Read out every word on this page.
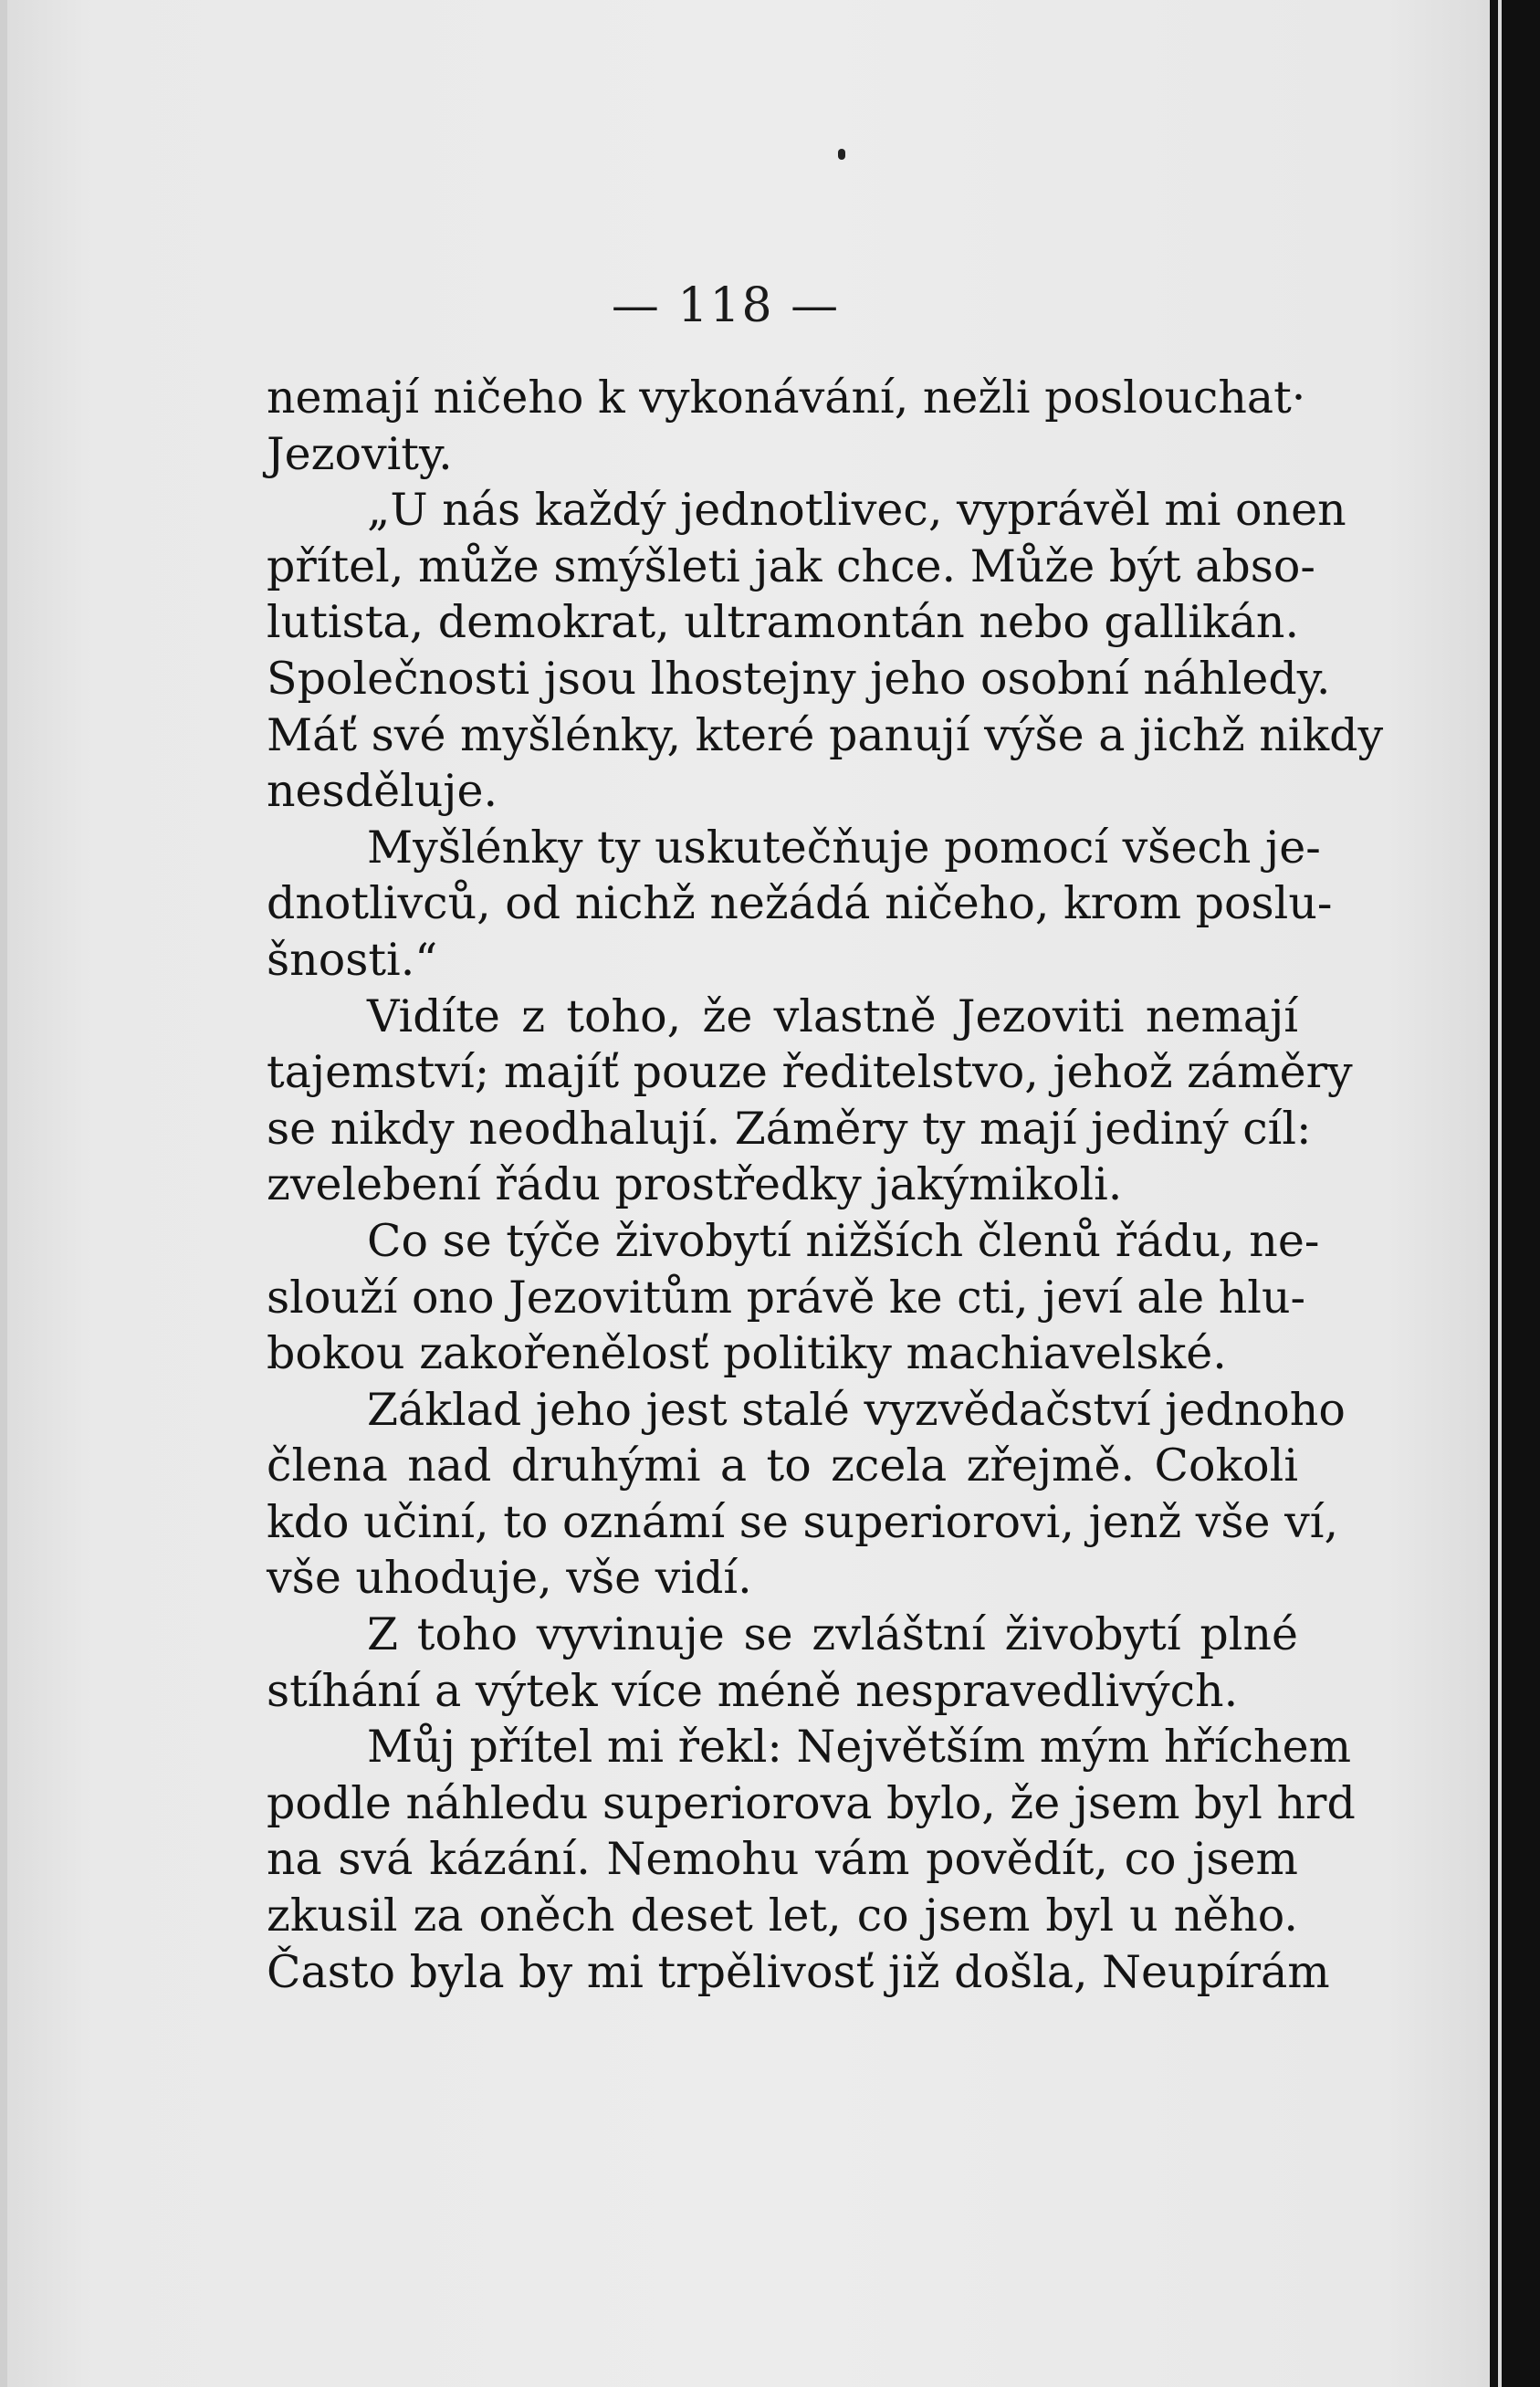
— 118 —
nemají ničeho k vykonávání, nežli poslouchat·
Jezovity.
„U nás každý jednotlivec, vyprávěl mi onen
přítel, může smýšleti jak chce. Může být abso-
lutista, demokrat, ultramontán nebo gallikán.
Společnosti jsou lhostejny jeho osobní náhledy.
Máť své myšlénky, které panují výše a jichž nikdy
nesděluje.
Myšlénky ty uskutečňuje pomocí všech je-
dnotlivců, od nichž nežádá ničeho, krom poslu-
šnosti.“
Vidíte z toho, že vlastně Jezoviti nemají
tajemství; majíť pouze ředitelstvo, jehož záměry
se nikdy neodhalují. Záměry ty mají jediný cíl:
zvelebení řádu prostředky jakýmikoli.
Co se týče živobytí nižších členů řádu, ne-
slouží ono Jezovitům právě ke cti, jeví ale hlu-
bokou zakořenělosť politiky machiavelské.
Základ jeho jest stalé vyzvědačství jednoho
člena nad druhými a to zcela zřejmě. Cokoli
kdo učiní, to oznámí se superiorovi, jenž vše ví,
vše uhoduje, vše vidí.
Z toho vyvinuje se zvláštní živobytí plné
stíhání a výtek více méně nespravedlivých.
Můj přítel mi řekl: Největším mým hříchem
podle náhledu superiorova bylo, že jsem byl hrd
na svá kázání. Nemohu vám povědít, co jsem
zkusil za oněch deset let, co jsem byl u něho.
Často byla by mi trpělivosť již došla, Neupírám
